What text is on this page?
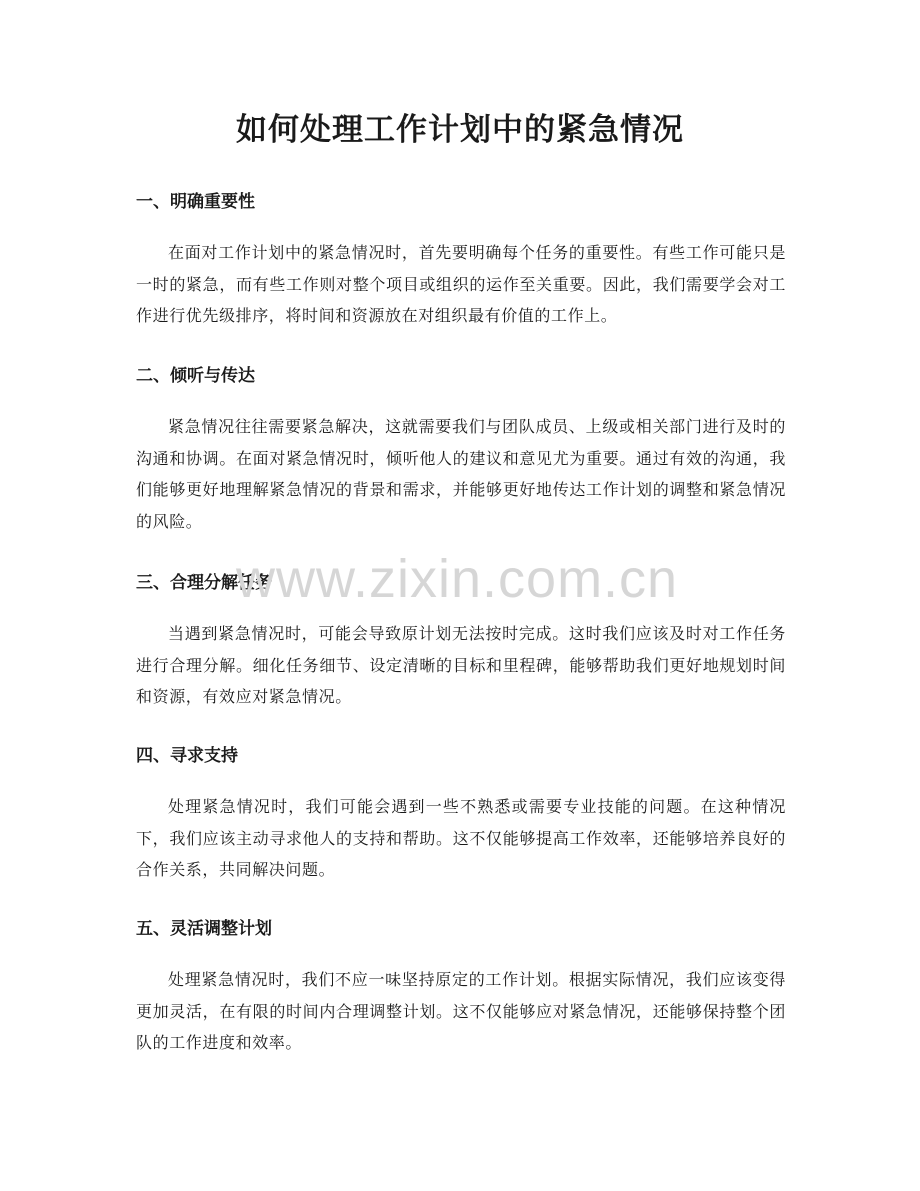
如何处理工作计划中的紧急情况
一、明确重要性

在面对工作计划中的紧急情况时，首先要明确每个任务的重要性。有些工作可能只是一时的紧急，而有些工作则对整个项目或组织的运作至关重要。因此，我们需要学会对工作进行优先级排序，将时间和资源放在对组织最有价值的工作上。

二、倾听与传达

紧急情况往往需要紧急解决，这就需要我们与团队成员、上级或相关部门进行及时的沟通和协调。在面对紧急情况时，倾听他人的建议和意见尤为重要。通过有效的沟通，我们能够更好地理解紧急情况的背景和需求，并能够更好地传达工作计划的调整和紧急情况的风险。

三、合理分解任务

当遇到紧急情况时，可能会导致原计划无法按时完成。这时我们应该及时对工作任务进行合理分解。细化任务细节、设定清晰的目标和里程碑，能够帮助我们更好地规划时间和资源，有效应对紧急情况。

四、寻求支持

处理紧急情况时，我们可能会遇到一些不熟悉或需要专业技能的问题。在这种情况下，我们应该主动寻求他人的支持和帮助。这不仅能够提高工作效率，还能够培养良好的合作关系，共同解决问题。

五、灵活调整计划

处理紧急情况时，我们不应一味坚持原定的工作计划。根据实际情况，我们应该变得更加灵活，在有限的时间内合理调整计划。这不仅能够应对紧急情况，还能够保持整个团队的工作进度和效率。

www.zixin.com.cn
